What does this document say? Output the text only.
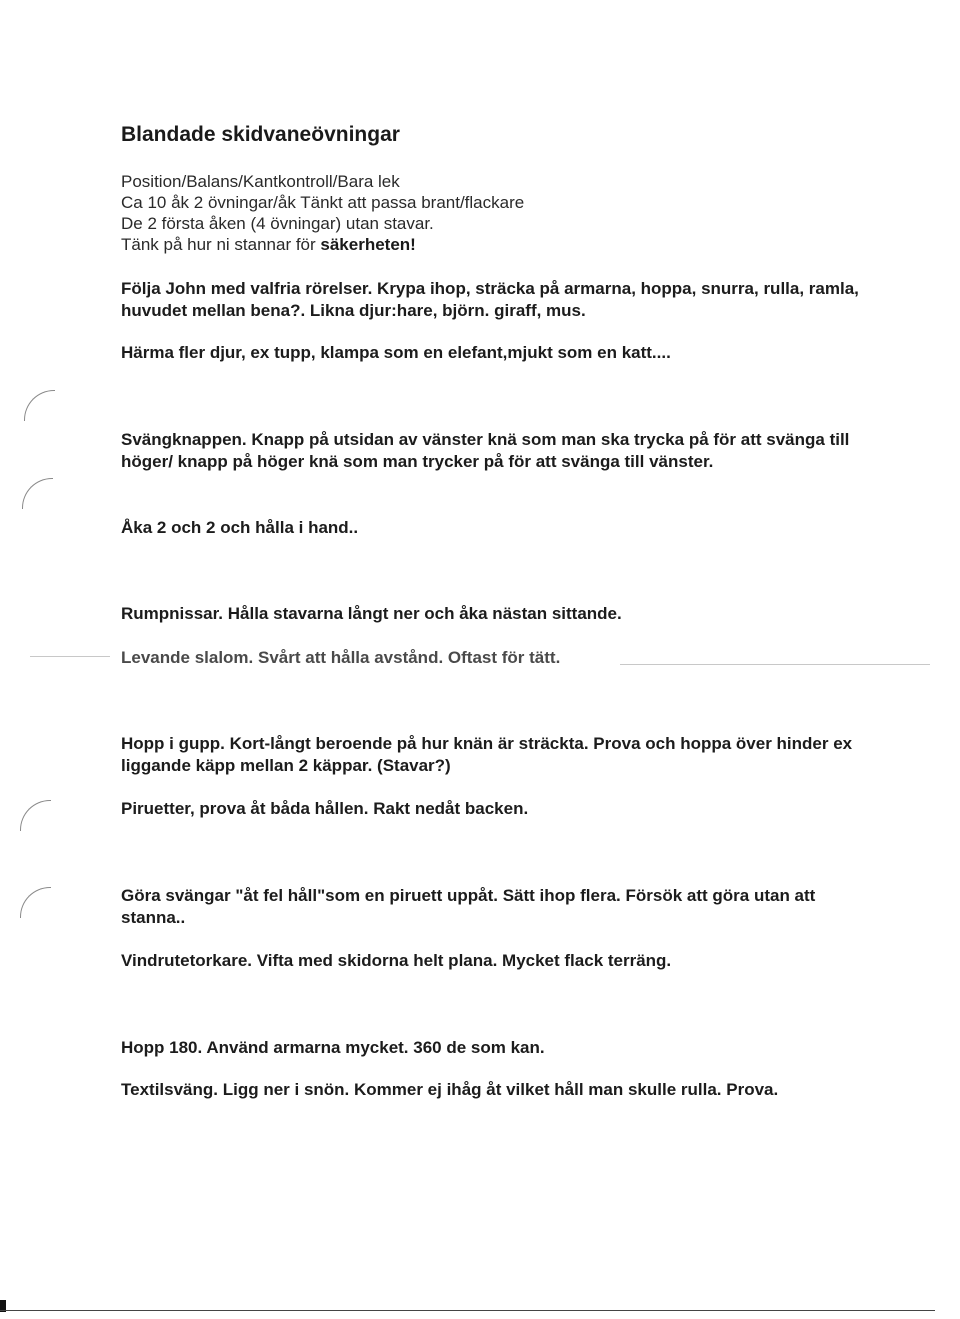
Blandade skidvaneövningar
Position/Balans/Kantkontroll/Bara lek
Ca 10 åk 2 övningar/åk Tänkt att passa brant/flackare
De 2 första åken (4 övningar) utan stavar.
Tänk på hur ni stannar för säkerheten!

Följa John med valfria rörelser. Krypa ihop, sträcka på armarna, hoppa, snurra, rulla, ramla, huvudet mellan bena?. Likna djur:hare, björn. giraff, mus.

Härma fler djur, ex tupp, klampa som en elefant,mjukt som en katt....

Svängknappen. Knapp på utsidan av vänster knä som man ska trycka på för att svänga till höger/ knapp på höger knä som man trycker på för att svänga till vänster.

Åka 2 och 2 och hålla i hand..

Rumpnissar. Hålla stavarna långt ner och åka nästan sittande.

Levande slalom. Svårt att hålla avstånd. Oftast för tätt.

Hopp i gupp. Kort-långt beroende på hur knän är sträckta. Prova och hoppa över hinder ex liggande käpp mellan 2 käppar. (Stavar?)

Piruetter, prova åt båda hållen. Rakt nedåt backen.

Göra svängar "åt fel håll"som en piruett uppåt. Sätt ihop flera. Försök att göra utan att stanna..

Vindrutetorkare. Vifta med skidorna helt plana. Mycket flack terräng.

Hopp 180. Använd armarna mycket. 360 de som kan.

Textilsväng. Ligg ner i snön. Kommer ej ihåg åt vilket håll man skulle rulla. Prova.
